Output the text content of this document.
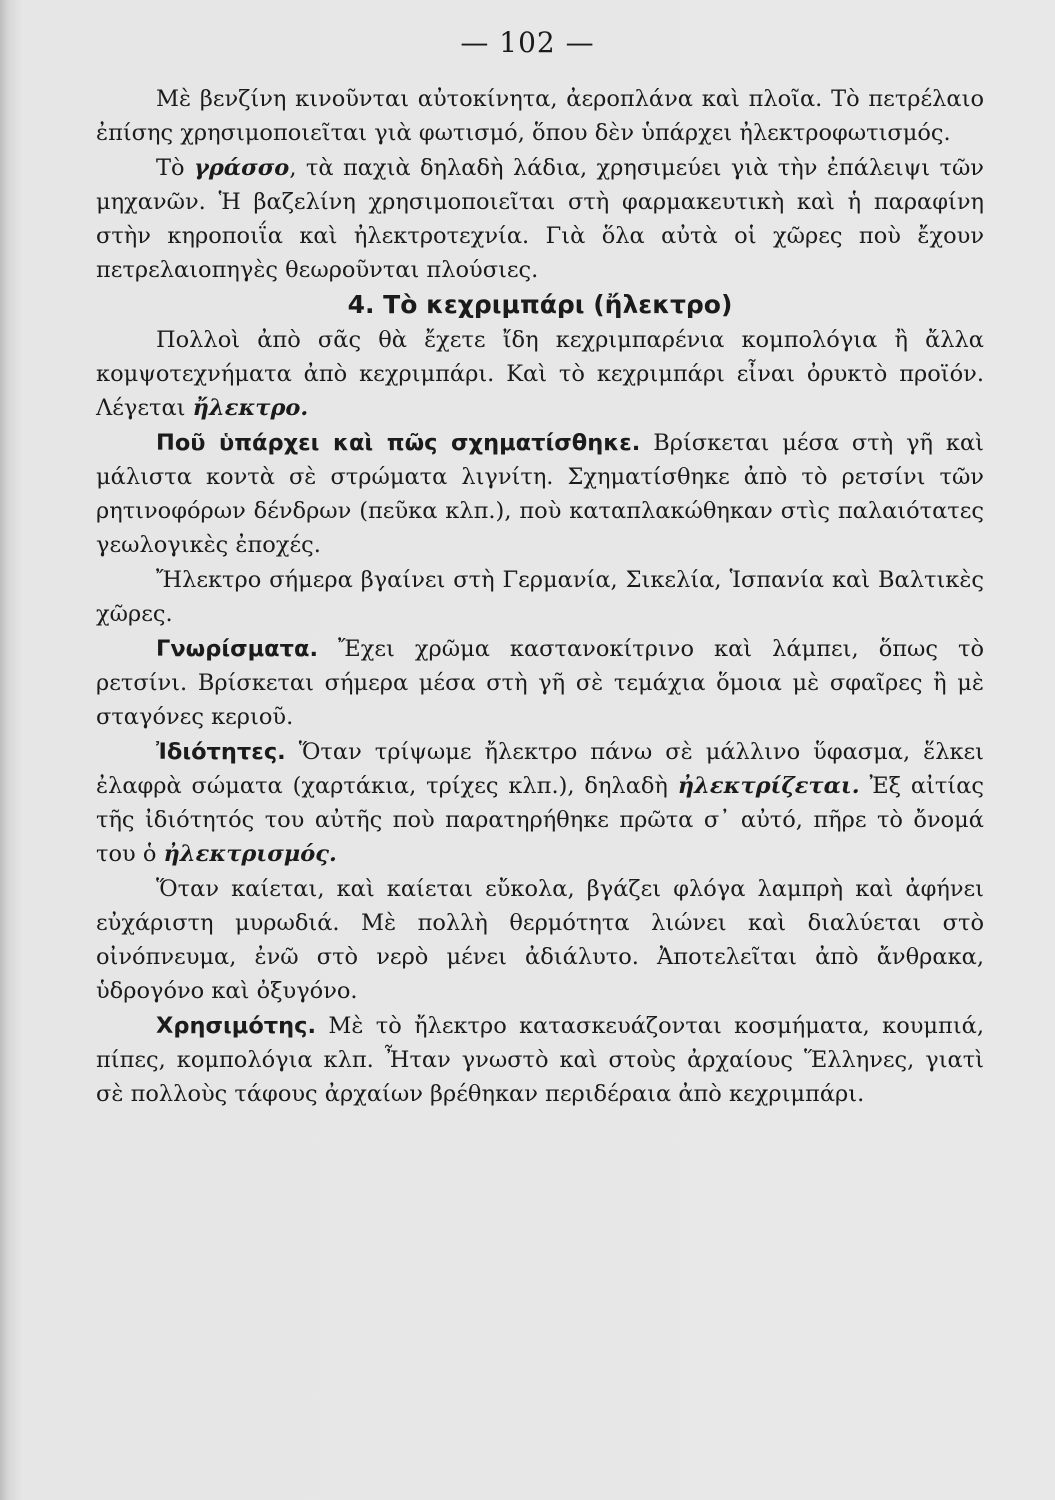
— 102 —

Μὲ βενζίνη κινοῦνται αὐτοκίνητα, ἀεροπλάνα καὶ πλοῖα. Τὸ πετρέλαιο ἐπίσης χρησιμοποιεῖται γιὰ φωτισμό, ὅπου δὲν ὑπάρχει ἠλεκτροφωτισμός.

Τὸ γράσσο, τὰ παχιὰ δηλαδὴ λάδια, χρησιμεύει γιὰ τὴν ἐπάλειψι τῶν μηχανῶν. Ἡ βαζελίνη χρησιμοποιεῖται στὴ φαρμακευτικὴ καὶ ἡ παραφίνη στὴν κηροποιΐα καὶ ἠλεκτροτεχνία. Γιὰ ὅλα αὐτὰ οἱ χῶρες ποὺ ἔχουν πετρελαιοπηγὲς θεωροῦνται πλούσιες.

4. Τὸ κεχριμπάρι (ἤλεκτρο)

Πολλοὶ ἀπὸ σᾶς θὰ ἔχετε ἴδη κεχριμπαρένια κομπολόγια ἢ ἄλλα κομψοτεχνήματα ἀπὸ κεχριμπάρι. Καὶ τὸ κεχριμπάρι εἶναι ὀρυκτὸ προϊόν. Λέγεται ἤλεκτρο.

Ποῦ ὑπάρχει καὶ πῶς σχηματίσθηκε. Βρίσκεται μέσα στὴ γῆ καὶ μάλιστα κοντὰ σὲ στρώματα λιγνίτη. Σχηματίσθηκε ἀπὸ τὸ ρετσίνι τῶν ρητινοφόρων δένδρων (πεῦκα κλπ.), ποὺ καταπλακώθηκαν στὶς παλαιότατες γεωλογικὲς ἐποχές.

Ἤλεκτρο σήμερα βγαίνει στὴ Γερμανία, Σικελία, Ἱσπανία καὶ Βαλτικὲς χῶρες.

Γνωρίσματα. Ἔχει χρῶμα καστανοκίτρινο καὶ λάμπει, ὅπως τὸ ρετσίνι. Βρίσκεται σήμερα μέσα στὴ γῆ σὲ τεμάχια ὅμοια μὲ σφαῖρες ἢ μὲ σταγόνες κεριοῦ.

Ἰδιότητες. Ὅταν τρίψωμε ἤλεκτρο πάνω σὲ μάλλινο ὕφασμα, ἕλκει ἐλαφρὰ σώματα (χαρτάκια, τρίχες κλπ.), δηλαδὴ ἠλεκτρίζεται. Ἐξ αἰτίας τῆς ἰδιότητός του αὐτῆς ποὺ παρατηρήθηκε πρῶτα σ᾿ αὐτό, πῆρε τὸ ὄνομά του ὁ ἠλεκτρισμός.

Ὅταν καίεται, καὶ καίεται εὔκολα, βγάζει φλόγα λαμπρὴ καὶ ἀφήνει εὐχάριστη μυρωδιά. Μὲ πολλὴ θερμότητα λιώνει καὶ διαλύεται στὸ οἰνόπνευμα, ἐνῶ στὸ νερὸ μένει ἀδιάλυτο. Ἀποτελεῖται ἀπὸ ἄνθρακα, ὑδρογόνο καὶ ὀξυγόνο.

Χρησιμότης. Μὲ τὸ ἤλεκτρο κατασκευάζονται κοσμήματα, κουμπιά, πίπες, κομπολόγια κλπ. Ἦταν γνωστὸ καὶ στοὺς ἀρχαίους Ἕλληνες, γιατὶ σὲ πολλοὺς τάφους ἀρχαίων βρέθηκαν περιδέραια ἀπὸ κεχριμπάρι.
